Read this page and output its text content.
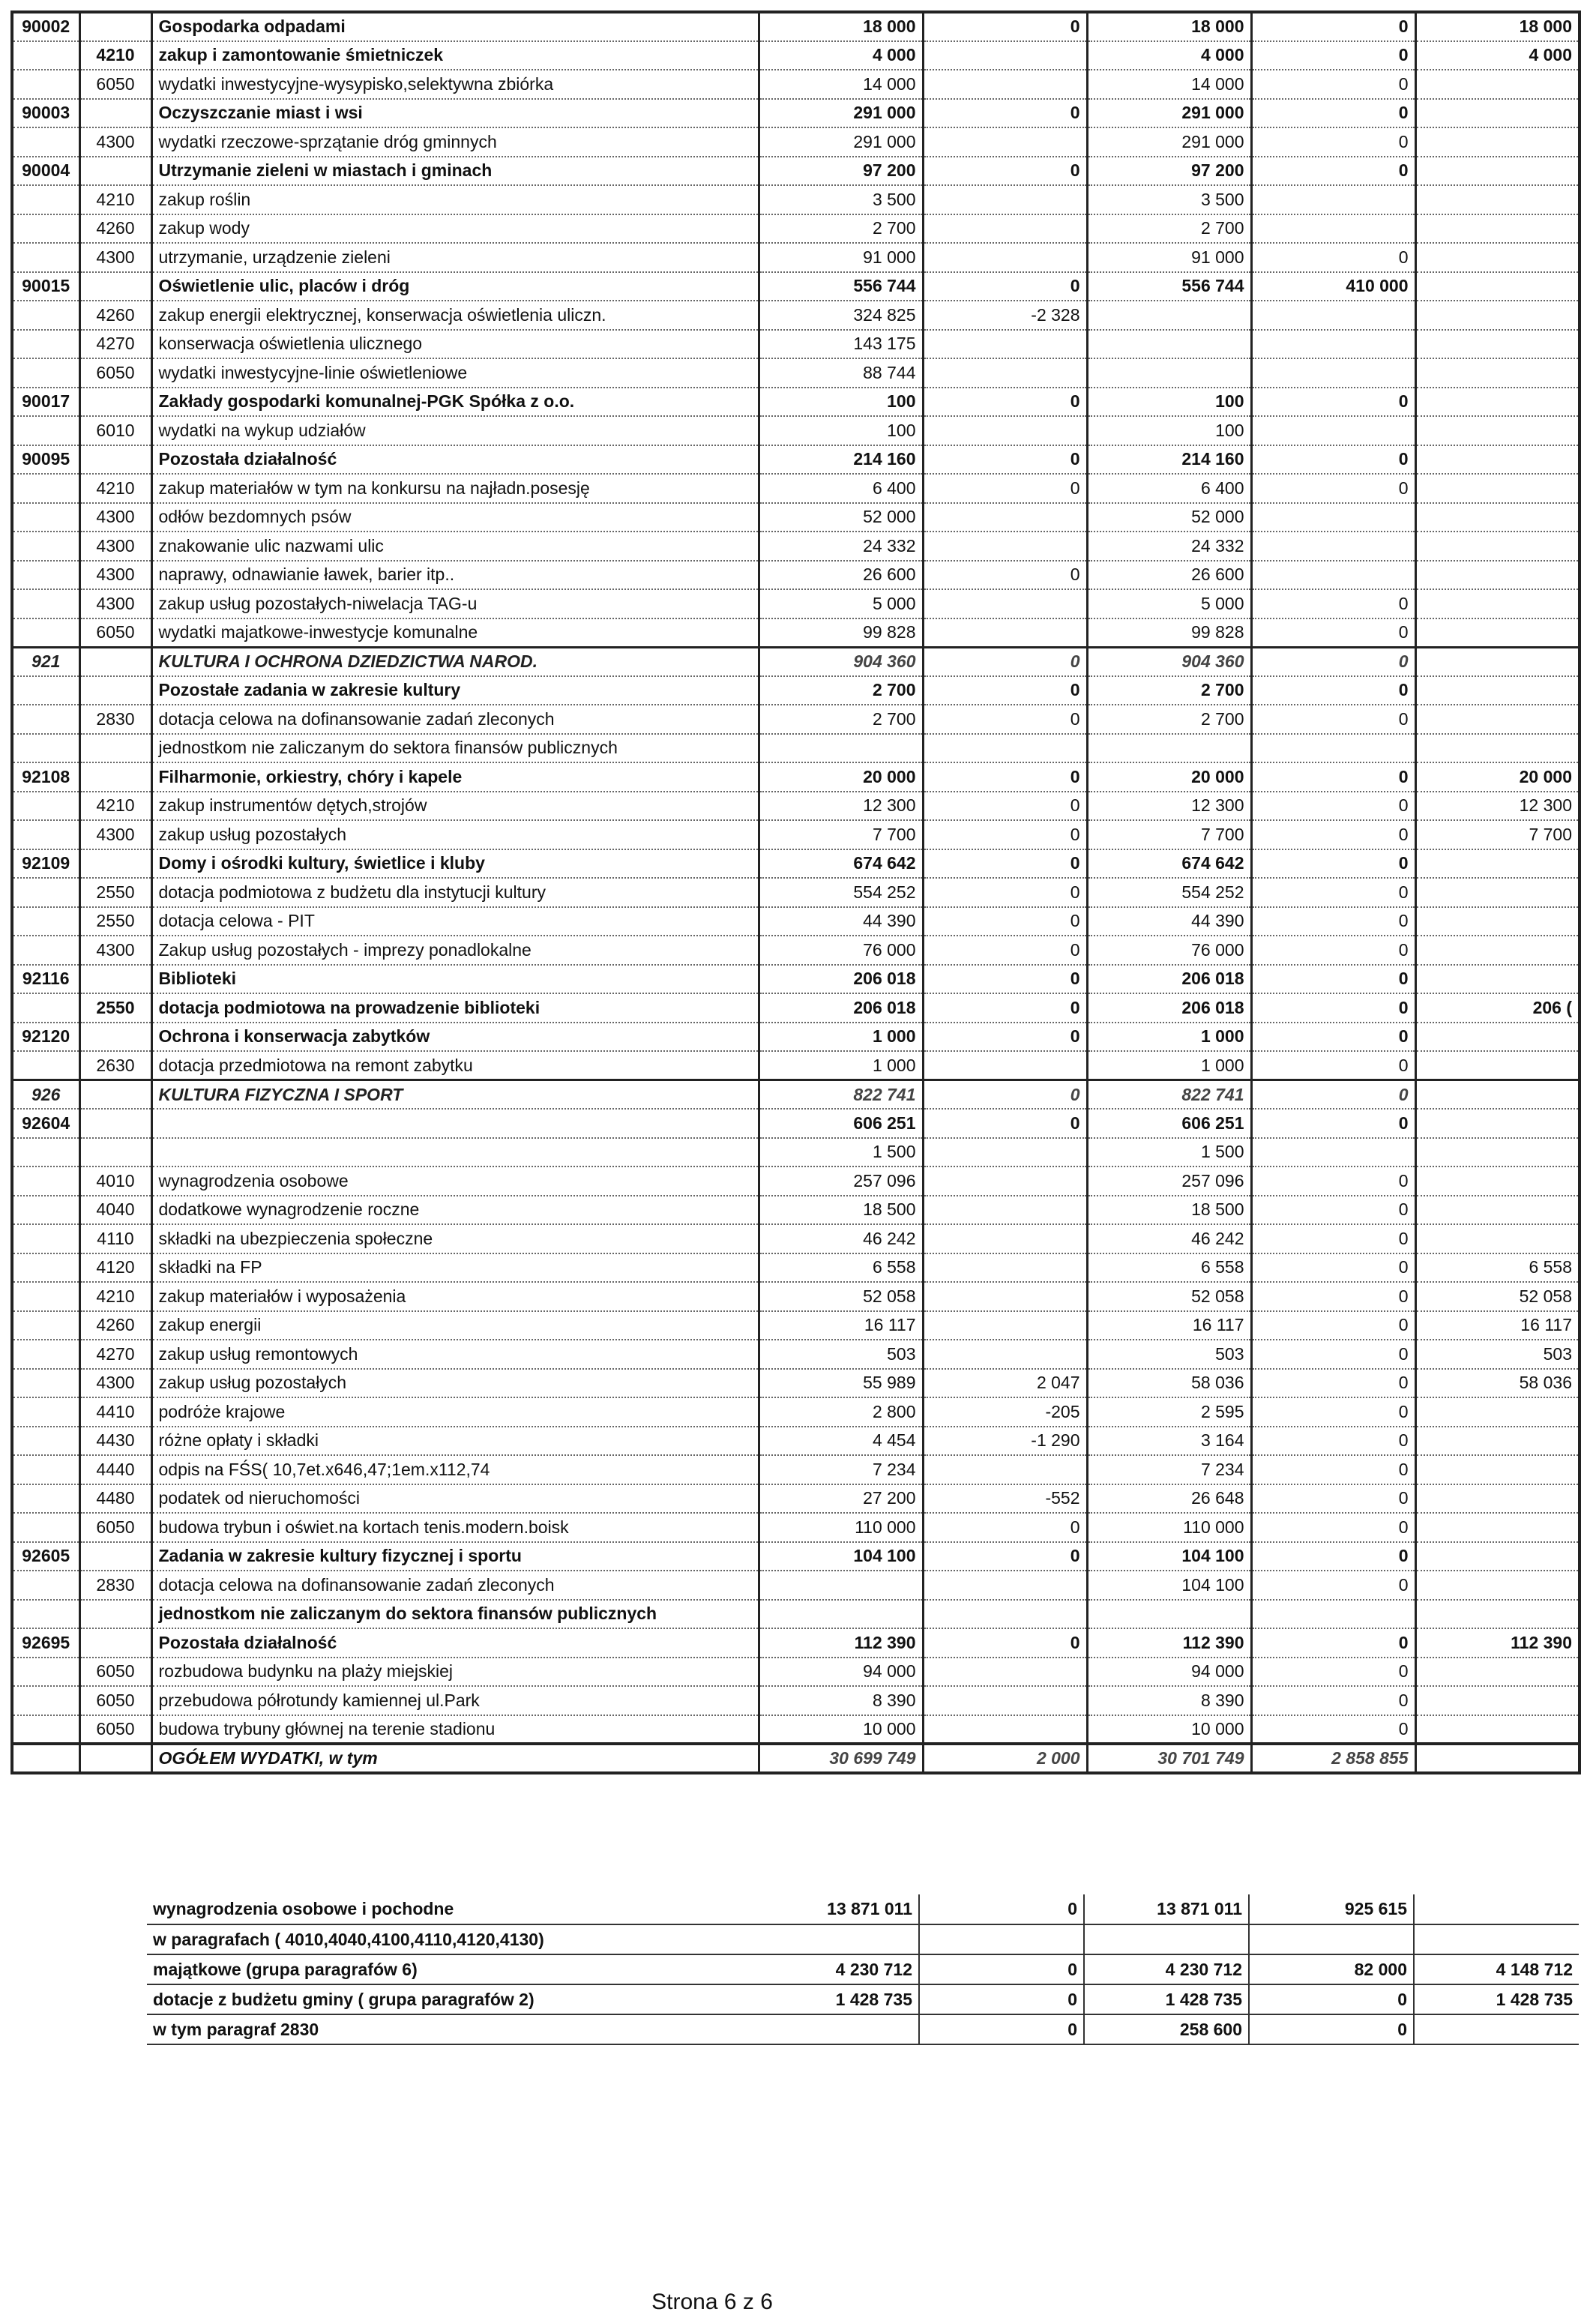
90002		Gospodarka odpadami	18 000	0	18 000	0	18 000
	4210	zakup i zamontowanie śmietniczek	4 000		4 000	0	4 000
	6050	wydatki inwestycyjne-wysypisko,selektywna zbiórka	14 000		14 000	0	
90003		Oczyszczanie miast i wsi	291 000	0	291 000	0	
	4300	wydatki rzeczowe-sprzątanie dróg gminnych	291 000		291 000	0	
90004		Utrzymanie zieleni w miastach i gminach	97 200	0	97 200	0	
	4210	zakup roślin	3 500		3 500		
	4260	zakup wody	2 700		2 700		
	4300	utrzymanie, urządzenie zieleni	91 000		91 000	0	
90015		Oświetlenie ulic, placów i dróg	556 744	0	556 744	410 000	
	4260	zakup energii elektrycznej, konserwacja oświetlenia uliczn.	324 825	-2 328			
	4270	konserwacja oświetlenia ulicznego	143 175				
	6050	wydatki inwestycyjne-linie oświetleniowe	88 744				
90017		Zakłady gospodarki komunalnej-PGK Spółka z o.o.	100	0	100	0	
	6010	wydatki na wykup udziałów	100		100		
90095		Pozostała działalność	214 160	0	214 160	0	
	4210	zakup materiałów w tym na konkursu na najładn.posesję	6 400	0	6 400	0	
	4300	odłów bezdomnych psów	52 000		52 000		
	4300	znakowanie ulic nazwami ulic	24 332		24 332		
	4300	naprawy, odnawianie ławek, barier itp..	26 600	0	26 600		
	4300	zakup usług pozostałych-niwelacja TAG-u	5 000		5 000	0	
	6050	wydatki majatkowe-inwestycje komunalne	99 828		99 828	0	
921		KULTURA I OCHRONA DZIEDZICTWA NAROD.	904 360	0	904 360	0	
		Pozostałe zadania w zakresie kultury	2 700	0	2 700	0	
	2830	dotacja celowa na dofinansowanie zadań zleconych	2 700	0	2 700	0	
		jednostkom nie zaliczanym do sektora finansów publicznych					
92108		Filharmonie, orkiestry, chóry i kapele	20 000	0	20 000	0	20 000
	4210	zakup instrumentów dętych,strojów	12 300	0	12 300	0	12 300
	4300	zakup usług pozostałych	7 700	0	7 700	0	7 700
92109		Domy i ośrodki kultury, świetlice i kluby	674 642	0	674 642	0	
	2550	dotacja podmiotowa z budżetu dla instytucji kultury	554 252	0	554 252	0	
	2550	dotacja celowa - PIT	44 390	0	44 390	0	
	4300	Zakup usług pozostałych - imprezy ponadlokalne	76 000	0	76 000	0	
92116		Biblioteki	206 018	0	206 018	0	
	2550	dotacja podmiotowa na prowadzenie biblioteki	206 018	0	206 018	0	206 (
92120		Ochrona i konserwacja zabytków	1 000	0	1 000	0	
	2630	dotacja przedmiotowa na remont zabytku	1 000		1 000	0	
926		KULTURA FIZYCZNA I SPORT	822 741	0	822 741	0	
92604			606 251	0	606 251	0	
			1 500		1 500		
	4010	wynagrodzenia osobowe	257 096		257 096	0	
	4040	dodatkowe wynagrodzenie roczne	18 500		18 500	0	
	4110	składki na ubezpieczenia społeczne	46 242		46 242	0	
	4120	składki na FP	6 558		6 558	0	6 558
	4210	zakup materiałów i wyposażenia	52 058		52 058	0	52 058
	4260	zakup energii	16 117		16 117	0	16 117
	4270	zakup usług remontowych	503		503	0	503
	4300	zakup usług pozostałych	55 989	2 047	58 036	0	58 036
	4410	podróże krajowe	2 800	-205	2 595	0	
	4430	różne opłaty i składki	4 454	-1 290	3 164	0	
	4440	odpis na FŚS( 10,7et.x646,47;1em.x112,74	7 234		7 234	0	
	4480	podatek od nieruchomości	27 200	-552	26 648	0	
	6050	budowa trybun i oświet.na kortach tenis.modern.boisk	110 000	0	110 000	0	
92605		Zadania w zakresie kultury fizycznej i sportu	104 100	0	104 100	0	
	2830	dotacja celowa na dofinansowanie zadań zleconych			104 100	0	
		jednostkom nie zaliczanym do sektora finansów publicznych					
92695		Pozostała działalność	112 390	0	112 390	0	112 390
	6050	rozbudowa budynku na plaży miejskiej	94 000		94 000	0	
	6050	przebudowa półrotundy kamiennej ul.Park	8 390		8 390	0	
	6050	budowa trybuny głównej na terenie stadionu	10 000		10 000	0	
		OGÓŁEM WYDATKI, w tym	30 699 749	2 000	30 701 749	2 858 855	
wynagrodzenia osobowe i pochodne	13 871 011	0	13 871 011	925 615	
w paragrafach ( 4010,4040,4100,4110,4120,4130)					
majątkowe (grupa paragrafów 6)	4 230 712	0	4 230 712	82 000	4 148 712
dotacje z budżetu gminy ( grupa paragrafów 2)	1 428 735	0	1 428 735	0	1 428 735
w tym paragraf 2830		0	258 600	0	
Strona 6 z 6
